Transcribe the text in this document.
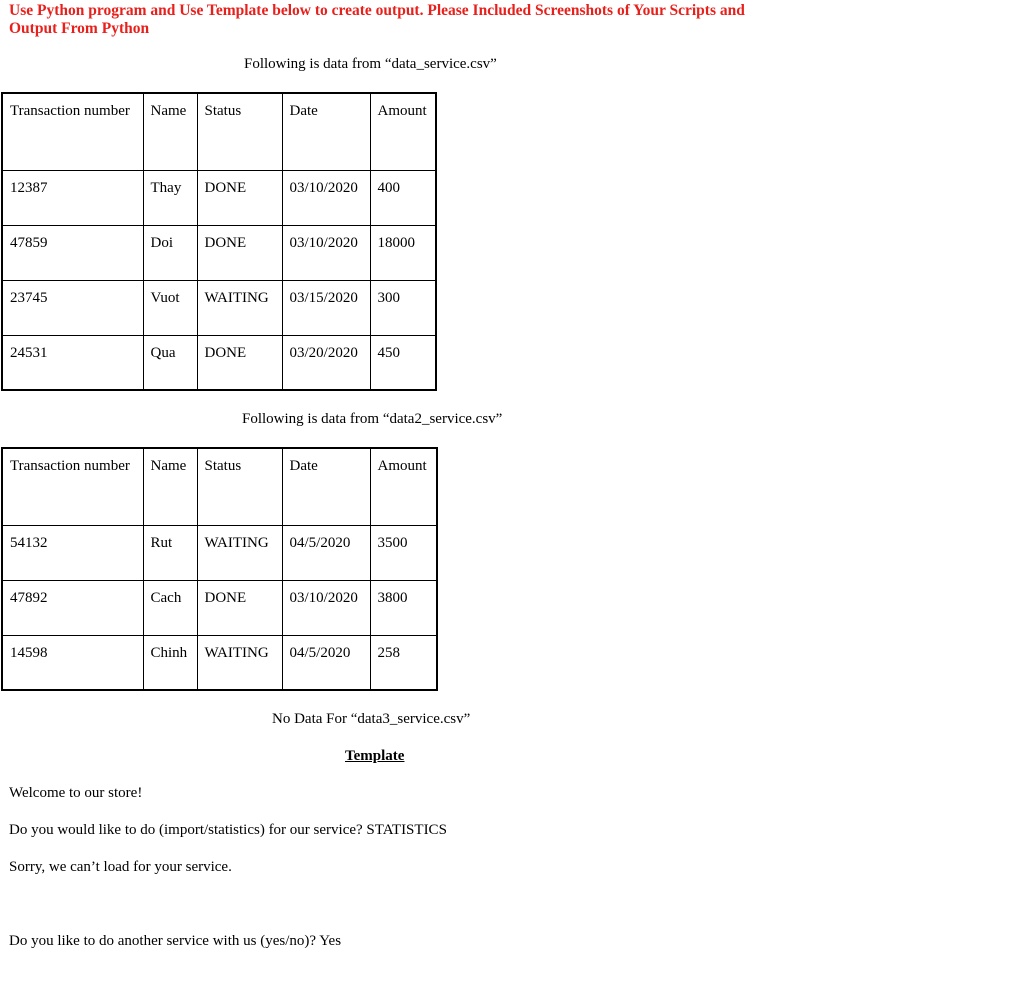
Use Python program and Use Template below to create output. Please Included Screenshots of Your Scripts and Output From Python
Following is data from “data_service.csv”
Transaction number	Name	Status	Date	Amount
12387	Thay	DONE	03/10/2020	400
47859	Doi	DONE	03/10/2020	18000
23745	Vuot	WAITING	03/15/2020	300
24531	Qua	DONE	03/20/2020	450
Following is data from “data2_service.csv”
Transaction number	Name	Status	Date	Amount
54132	Rut	WAITING	04/5/2020	3500
47892	Cach	DONE	03/10/2020	3800
14598	Chinh	WAITING	04/5/2020	258
No Data For “data3_service.csv”
Template
Welcome to our store!
Do you would like to do (import/statistics) for our service? STATISTICS
Sorry, we can’t load for your service.
Do you like to do another service with us (yes/no)? Yes
